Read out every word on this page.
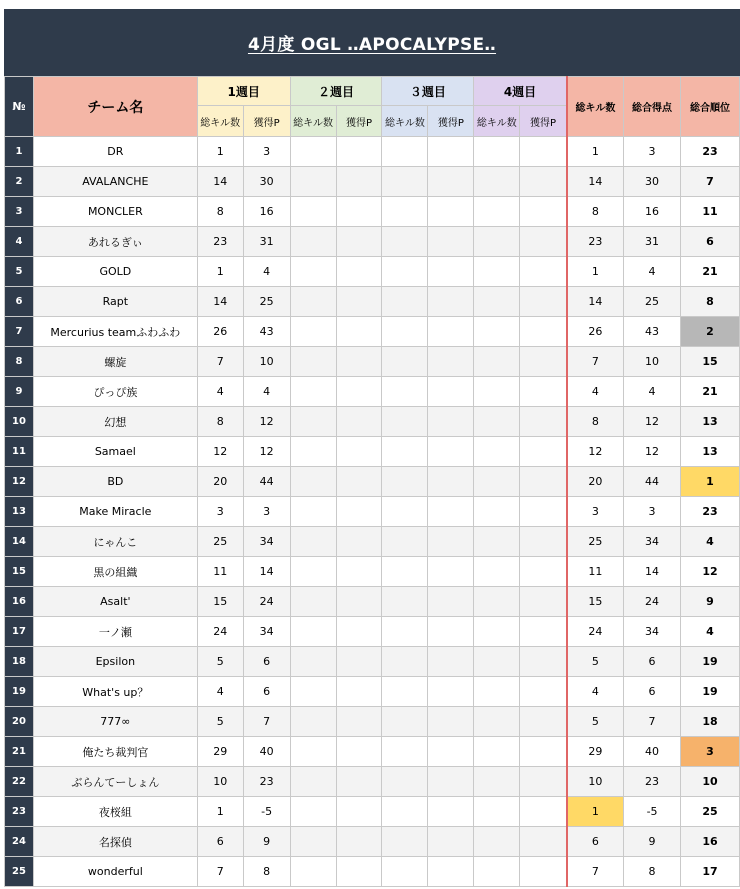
4月度 OGL ‥APOCALYPSE‥
№	チーム名	1週目		２週目		３週目		4週目		総キル数	総合得点	総合順位
		総キル数	獲得P	総キル数	獲得P	総キル数	獲得P	総キル数	獲得P			
1	DR	1	3							1	3	23
2	AVALANCHE	14	30							14	30	7
3	MONCLER	8	16							8	16	11
4	あれるぎぃ	23	31							23	31	6
5	GOLD	1	4							1	4	21
6	Rapt	14	25							14	25	8
7	Mercurius teamふわふわ	26	43							26	43	2
8	螺旋	7	10							7	10	15
9	ぴっぴ族	4	4							4	4	21
10	幻想	8	12							8	12	13
11	Samael	12	12							12	12	13
12	BD	20	44							20	44	1
13	Make Miracle	3	3							3	3	23
14	にゃんこ	25	34							25	34	4
15	黒の組織	11	14							11	14	12
16	Asalt'	15	24							15	24	9
17	一ノ瀬	24	34							24	34	4
18	Epsilon	5	6							5	6	19
19	What's up？	4	6							4	6	19
20	777∞	5	7							5	7	18
21	俺たち裁判官	29	40							29	40	3
22	ぶらんてーしょん	10	23							10	23	10
23	夜桜組	1	-5							1	-5	25
24	名探偵	6	9							6	9	16
25	wonderful	7	8							7	8	17
